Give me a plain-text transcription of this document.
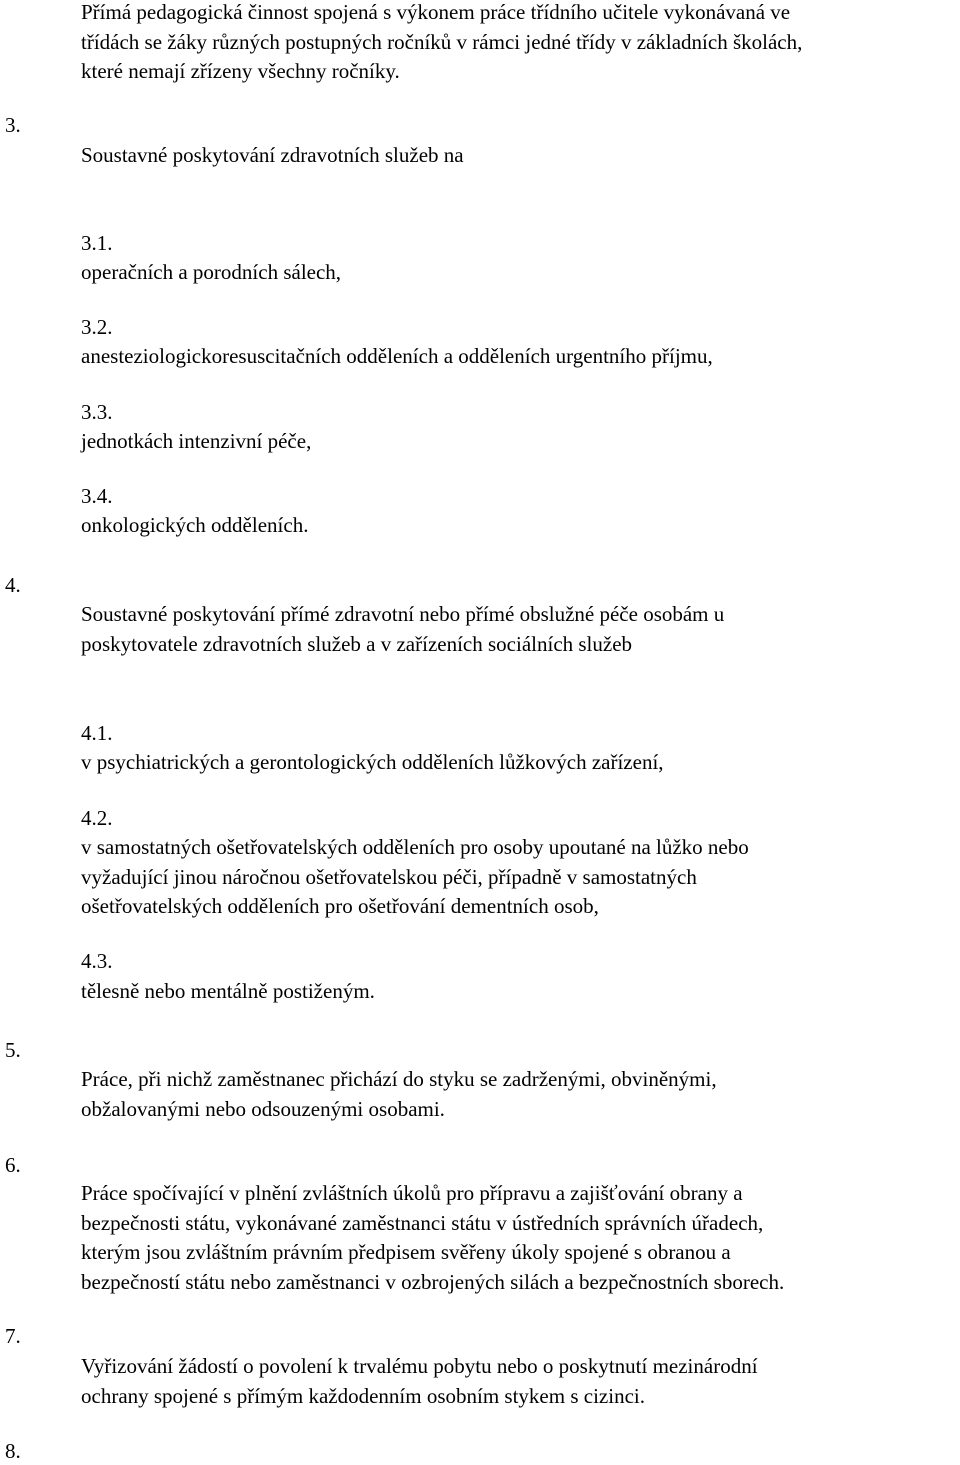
Přímá pedagogická činnost spojená s výkonem práce třídního učitele vykonávaná ve
třídách se žáky různých postupných ročníků v rámci jedné třídy v základních školách,
které nemají zřízeny všechny ročníky.
3.
Soustavné poskytování zdravotních služeb na
3.1.
operačních a porodních sálech,
3.2.
anesteziologickoresuscitačních odděleních a odděleních urgentního příjmu,
3.3.
jednotkách intenzivní péče,
3.4.
onkologických odděleních.
4.
Soustavné poskytování přímé zdravotní nebo přímé obslužné péče osobám u
poskytovatele zdravotních služeb a v zařízeních sociálních služeb
4.1.
v psychiatrických a gerontologických odděleních lůžkových zařízení,
4.2.
v samostatných ošetřovatelských odděleních pro osoby upoutané na lůžko nebo
vyžadující jinou náročnou ošetřovatelskou péči, případně v samostatných
ošetřovatelských odděleních pro ošetřování dementních osob,
4.3.
tělesně nebo mentálně postiženým.
5.
Práce, při nichž zaměstnanec přichází do styku se zadrženými, obviněnými,
obžalovanými nebo odsouzenými osobami.
6.
Práce spočívající v plnění zvláštních úkolů pro přípravu a zajišťování obrany a
bezpečnosti státu, vykonávané zaměstnanci státu v ústředních správních úřadech,
kterým jsou zvláštním právním předpisem svěřeny úkoly spojené s obranou a
bezpečností státu nebo zaměstnanci v ozbrojených silách a bezpečnostních sborech.
7.
Vyřizování žádostí o povolení k trvalému pobytu nebo o poskytnutí mezinárodní
ochrany spojené s přímým každodenním osobním stykem s cizinci.
8.
